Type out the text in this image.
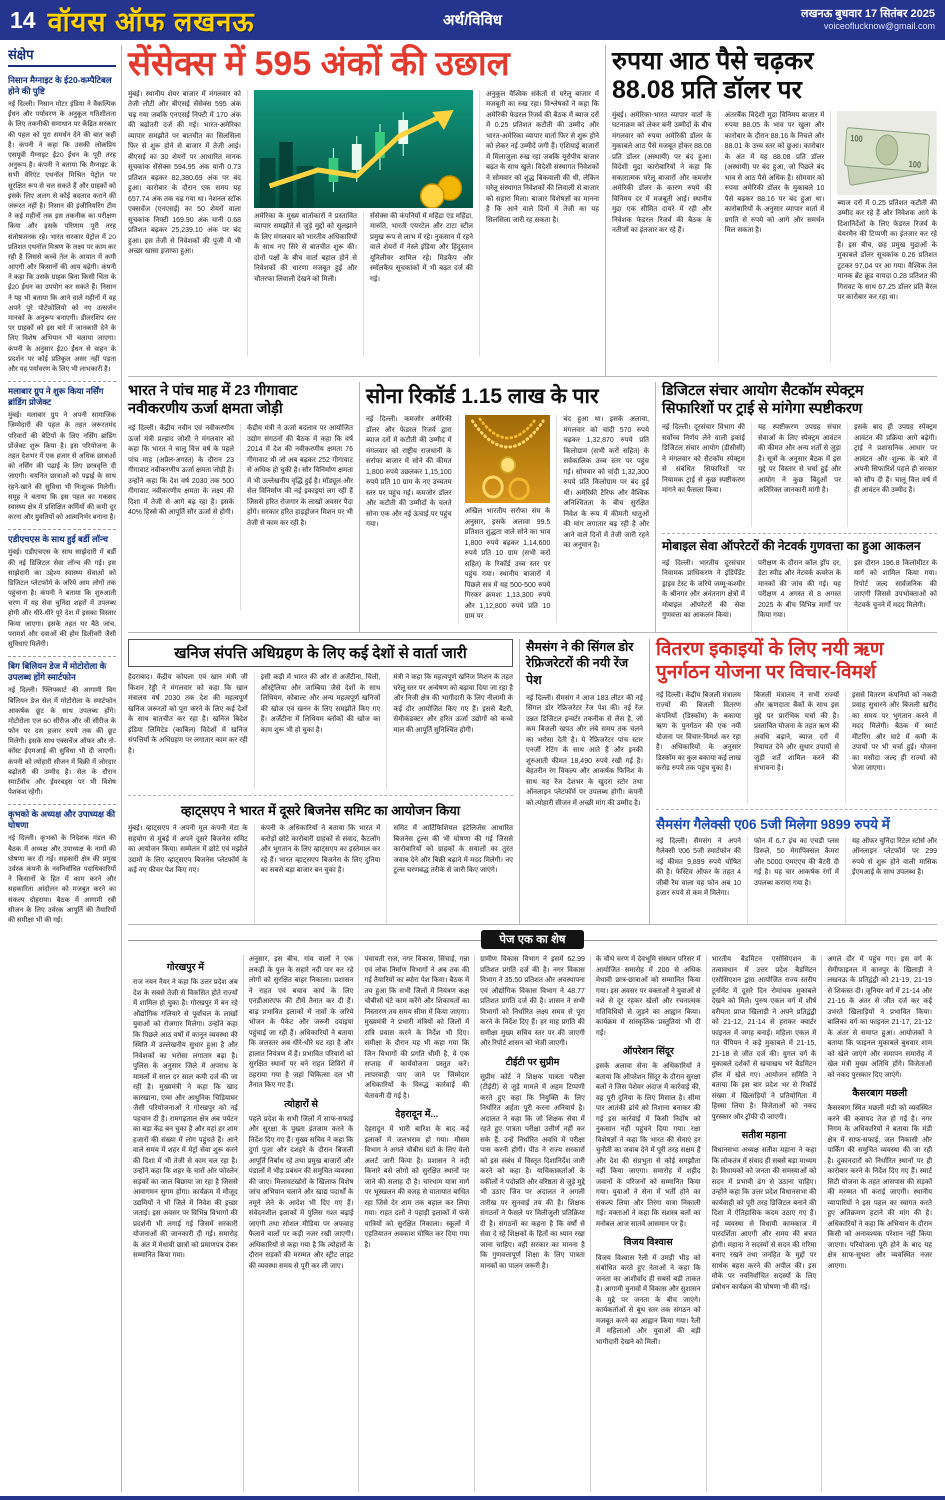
14 वॉयस ऑफ लखनऊ	अर्थ/विविध	लखनऊ बुधवार 17 सितंबर 2025
voiceoflucknow@gmail.com
संक्षेप
निसान मैग्नाइट के ई20-कम्पैटिबल होने की पुष्टि

नई दिल्ली। निसान मोटर इंडिया ने वैकल्पिक ईंधन और पर्यावरण के अनुकूल गतिशीलता के लिए तकनीकी समाधान पर केंद्रित सरकार की पहल को पूरा समर्थन देने की बात कही है। कंपनी ने कहा कि उसकी लोकप्रिय एसयूवी मैग्नाइट ई20 ईंधन के पूरी तरह अनुरूप है। कंपनी ने बताया कि मैग्नाइट के सभी वेरिएंट एथनॉल मिश्रित पेट्रोल पर सुरक्षित रूप से चल सकते हैं और ग्राहकों को इसके लिए अलग से कोई बदलाव कराने की जरूरत नहीं है। निसान की इंजीनियरिंग टीम ने कई महीनों तक इस तकनीक का परीक्षण किया और इसके परिणाम पूरी तरह संतोषजनक रहे। भारत सरकार पेट्रोल में 20 प्रतिशत एथनॉल मिश्रण के लक्ष्य पर काम कर रही है जिससे कच्चे तेल के आयात में कमी आएगी और किसानों की आय बढ़ेगी। कंपनी ने कहा कि उसके ग्राहक बिना किसी चिंता के ई20 ईंधन का उपयोग कर सकते हैं। निसान ने यह भी बताया कि आने वाले महीनों में वह अपने पूरे पोर्टफोलियो को नए उत्सर्जन मानकों के अनुरूप बनाएगी। डीलरशिप स्तर पर ग्राहकों को इस बारे में जानकारी देने के लिए विशेष अभियान भी चलाया जाएगा। कंपनी के अनुसार ई20 ईंधन से वाहन के प्रदर्शन पर कोई प्रतिकूल असर नहीं पड़ता और यह पर्यावरण के लिए भी लाभकारी है।

मलाबार ग्रुप ने शुरू किया नर्सिंग ब्रांडिंग प्रोजेक्ट

मुंबई। मलाबार ग्रुप ने अपनी सामाजिक जिम्मेदारी की पहल के तहत जरूरतमंद परिवारों की बेटियों के लिए नर्सिंग ब्रांडिंग प्रोजेक्ट शुरू किया है। इस परियोजना के तहत देशभर में एक हजार से अधिक छात्राओं को नर्सिंग की पढ़ाई के लिए छात्रवृत्ति दी जाएगी। चयनित छात्राओं को पढ़ाई के साथ रहने-खाने की सुविधा भी निःशुल्क मिलेगी। समूह ने बताया कि इस पहल का मकसद स्वास्थ्य क्षेत्र में प्रशिक्षित कर्मियों की कमी दूर करना और युवतियों को आत्मनिर्भर बनाना है।

एडीएचएस के साथ हुई बर्डी लॉन्च

मुंबई। एडीएचएस के साथ साझेदारी में बर्डी की नई डिजिटल सेवा लॉन्च की गई। इस साझेदारी का उद्देश्य स्वास्थ्य सेवाओं को डिजिटल प्लेटफॉर्म के जरिये आम लोगों तक पहुंचाना है। कंपनी ने बताया कि शुरुआती चरण में यह सेवा चुनिंदा शहरों में उपलब्ध होगी और धीरे-धीरे पूरे देश में इसका विस्तार किया जाएगा। इसके तहत घर बैठे जांच, परामर्श और दवाओं की होम डिलीवरी जैसी सुविधाएं मिलेंगी।

बिग बिलियन डेज में मोटोरोला के उपलब्ध होंगे स्मार्टफोन

नई दिल्ली। फ्लिपकार्ट की आगामी बिग बिलियन डेज सेल में मोटोरोला के स्मार्टफोन आकर्षक छूट के साथ उपलब्ध होंगे। मोटोरोला एज 60 सीरीज और जी सीरीज के फोन पर दस हजार रुपये तक की छूट मिलेगी। इसके साथ एक्सचेंज ऑफर और नो-कॉस्ट ईएमआई की सुविधा भी दी जाएगी। कंपनी को त्योहारी सीजन में बिक्री में जोरदार बढ़ोतरी की उम्मीद है। सेल के दौरान स्मार्टवॉच और ईयरबड्स पर भी विशेष पेशकश रहेगी।

कृभको के अध्यक्ष और उपाध्यक्ष की घोषणा

नई दिल्ली। कृभको के निदेशक मंडल की बैठक में अध्यक्ष और उपाध्यक्ष के नामों की घोषणा कर दी गई। सहकारी क्षेत्र की प्रमुख उर्वरक कंपनी के नवनिर्वाचित पदाधिकारियों ने किसानों के हित में काम करने और सहकारिता आंदोलन को मजबूत करने का संकल्प दोहराया। बैठक में आगामी रबी सीजन के लिए उर्वरक आपूर्ति की तैयारियों की समीक्षा भी की गई।

सेंसेक्स में 595 अंकों की उछाल
मुंबई। स्थानीय शेयर बाजार में मंगलवार को तेजी लौटी और बीएसई सेंसेक्स 595 अंक चढ़ गया जबकि एनएसई निफ्टी में 170 अंक की बढ़ोतरी दर्ज की गई। भारत-अमेरिका व्यापार समझौते पर बातचीत का सिलसिला फिर से शुरू होने से बाजार में तेजी आई। बीएसई का 30 शेयरों पर आधारित मानक सूचकांक सेंसेक्स 594.95 अंक यानी 0.73 प्रतिशत बढ़कर 82,380.69 अंक पर बंद हुआ। कारोबार के दौरान एक समय यह 657.74 अंक तक चढ़ गया था। नेशनल स्टॉक एक्सचेंज (एनएसई) का 50 शेयरों वाला सूचकांक निफ्टी 169.90 अंक यानी 0.68 प्रतिशत बढ़कर 25,239.10 अंक पर बंद हुआ। इस तेजी से निवेशकों की पूंजी में भी अच्छा खासा इजाफा हुआ।
अमेरिका के मुख्य वार्ताकारों ने प्रस्तावित व्यापार समझौते से जुड़े मुद्दों को सुलझाने के लिए मंगलवार को भारतीय अधिकारियों के साथ नए सिरे से बातचीत शुरू की। दोनों पक्षों के बीच वार्ता बहाल होने से निवेशकों की धारणा मजबूत हुई और चौतरफा लिवाली देखने को मिली।
सेंसेक्स की कंपनियों में महिंद्रा एंड महिंद्रा, मारुति, भारती एयरटेल और टाटा स्टील प्रमुख रूप से लाभ में रहे। नुकसान में रहने वाले शेयरों में नेस्ले इंडिया और हिंदुस्तान यूनिलीवर शामिल रहे। मिडकैप और स्मॉलकैप सूचकांकों में भी बढ़त दर्ज की गई।
अनुकूल वैश्विक संकेतों से घरेलू बाजार में मजबूती का रुख रहा। विश्लेषकों ने कहा कि अमेरिकी फेडरल रिजर्व की बैठक में ब्याज दरों में 0.25 प्रतिशत कटौती की उम्मीद और भारत-अमेरिका व्यापार वार्ता फिर से शुरू होने को लेकर नई उम्मीदें जगी हैं। एशियाई बाजारों में मिलाजुला रुख रहा जबकि यूरोपीय बाजार बढ़त के साथ खुले। विदेशी संस्थागत निवेशकों ने सोमवार को शुद्ध बिकवाली की थी, लेकिन घरेलू संस्थागत निवेशकों की लिवाली से बाजार को सहारा मिला। बाजार विशेषज्ञों का मानना है कि आने वाले दिनों में तेजी का यह सिलसिला जारी रह सकता है।
रुपया आठ पैसे चढ़कर
88.08 प्रति डॉलर पर
मुंबई। अमेरिका-भारत व्यापार वार्ता के घटनाक्रम को लेकर बनी उम्मीदों के बीच मंगलवार को रुपया अमेरिकी डॉलर के मुकाबले आठ पैसे मजबूत होकर 88.08 प्रति डॉलर (अस्थायी) पर बंद हुआ। विदेशी मुद्रा कारोबारियों ने कहा कि सकारात्मक घरेलू बाजारों और कमजोर अमेरिकी डॉलर के कारण रुपये की विनिमय दर में मजबूती आई। स्थानीय मुद्रा एक सीमित दायरे में रही और निवेशक फेडरल रिजर्व की बैठक के नतीजों का इंतजार कर रहे हैं।
अंतरबैंक विदेशी मुद्रा विनिमय बाजार में रुपया 88.05 के भाव पर खुला और कारोबार के दौरान 88.16 के निचले और 88.01 के उच्च स्तर को छुआ। कारोबार के अंत में यह 88.08 प्रति डॉलर (अस्थायी) पर बंद हुआ, जो पिछले बंद भाव से आठ पैसे अधिक है। सोमवार को रुपया अमेरिकी डॉलर के मुकाबले 10 पैसे बढ़कर 88.16 पर बंद हुआ था। कारोबारियों के अनुसार व्यापार वार्ता में प्रगति से रुपये को आगे और समर्थन मिल सकता है।
100
100
ब्याज दरों में 0.25 प्रतिशत कटौती की उम्मीद कर रहे हैं और निवेशक आगे के दिशानिर्देशों के लिए फेडरल रिजर्व के चेयरमैन की टिप्पणी का इंतजार कर रहे हैं। इस बीच, छह प्रमुख मुद्राओं के मुकाबले डॉलर सूचकांक 0.26 प्रतिशत टूटकर 97.04 पर आ गया। वैश्विक तेल मानक ब्रेंट क्रूड वायदा 0.28 प्रतिशत की गिरावट के साथ 67.25 डॉलर प्रति बैरल पर कारोबार कर रहा था।
भारत ने पांच माह में 23 गीगावाट
नवीकरणीय ऊर्जा क्षमता जोड़ी
नई दिल्ली। केंद्रीय नवीन एवं नवीकरणीय ऊर्जा मंत्री प्रल्हाद जोशी ने मंगलवार को कहा कि भारत ने चालू वित्त वर्ष के पहले पांच माह (अप्रैल-अगस्त) के दौरान 23 गीगावाट नवीकरणीय ऊर्जा क्षमता जोड़ी है। उन्होंने कहा कि देश वर्ष 2030 तक 500 गीगावाट नवीकरणीय क्षमता के लक्ष्य की दिशा में तेजी से आगे बढ़ रहा है। इसके 40% हिस्से की आपूर्ति सौर ऊर्जा से होगी।
केंद्रीय मंत्री ने ऊर्जा बदलाव पर आयोजित उद्योग संगठनों की बैठक में कहा कि वर्ष 2014 में देश की नवीकरणीय क्षमता 76 गीगावाट थी जो अब बढ़कर 252 गीगावाट से अधिक हो चुकी है। सौर विनिर्माण क्षमता में भी उल्लेखनीय वृद्धि हुई है। मॉड्यूल और सेल विनिर्माण की नई इकाइयां लग रही हैं जिससे हरित रोजगार के लाखों अवसर पैदा होंगे। सरकार हरित हाइड्रोजन मिशन पर भी तेजी से काम कर रही है।
सोना रिकॉर्ड 1.15 लाख के पार
नई दिल्ली। कमजोर अमेरिकी डॉलर और फेडरल रिजर्व द्वारा ब्याज दरों में कटौती की उम्मीद में मंगलवार को राष्ट्रीय राजधानी के सर्राफा बाजार में सोने की कीमत 1,800 रुपये उछलकर 1,15,100 रुपये प्रति 10 ग्राम के नए उच्चतम स्तर पर पहुंच गई। कमजोर डॉलर और कटौती की उम्मीदों के चलते सोना एक और नई ऊंचाई पर पहुंच गया।
अखिल भारतीय सर्राफा संघ के अनुसार, इसके अलावा 99.5 प्रतिशत शुद्धता वाले सोने का भाव 1,800 रुपये बढ़कर 1,14,600 रुपये प्रति 10 ग्राम (सभी करों सहित) के रिकॉर्ड उच्च स्तर पर पहुंच गया। स्थानीय बाजारों में पिछले सत्र में यह 500-500 रुपये गिरकर क्रमशः 1,13,300 रुपये और 1,12,800 रुपये प्रति 10 ग्राम पर
बंद हुआ था। इसके अलावा, मंगलवार को चांदी 570 रुपये चढ़कर 1,32,870 रुपये प्रति किलोग्राम (सभी करों सहित) के सर्वकालिक उच्च स्तर पर पहुंच गई। सोमवार को चांदी 1,32,300 रुपये प्रति किलोग्राम पर बंद हुई थी। अमेरिकी टैरिफ और वैश्विक अनिश्चितता के बीच सुरक्षित निवेश के रूप में कीमती धातुओं की मांग लगातार बढ़ रही है और आने वाले दिनों में तेजी जारी रहने का अनुमान है।
डिजिटल संचार आयोग सैटकॉम स्पेक्ट्रम
सिफारिशों पर ट्राई से मांगेगा स्पष्टीकरण
नई दिल्ली। दूरसंचार विभाग की सर्वोच्च निर्णय लेने वाली इकाई डिजिटल संचार आयोग (डीसीसी) ने मंगलवार को सैटकॉम स्पेक्ट्रम से संबंधित सिफारिशों पर नियामक ट्राई से कुछ स्पष्टीकरण मांगने का फैसला किया।
यह स्पष्टीकरण उपग्रह संचार सेवाओं के लिए स्पेक्ट्रम आवंटन की कीमत और अन्य शर्तों से जुड़ा है। सूत्रों के अनुसार बैठक में इस मुद्दे पर विस्तार से चर्चा हुई और आयोग ने कुछ बिंदुओं पर अतिरिक्त जानकारी मांगी है।
इसके बाद ही उपग्रह स्पेक्ट्रम आवंटन की प्रक्रिया आगे बढ़ेगी। ट्राई ने प्रशासनिक आधार पर आवंटन और शुल्क के बारे में अपनी सिफारिशें पहले ही सरकार को सौंप दी हैं। चालू वित्त वर्ष में ही आवंटन की उम्मीद है।
मोबाइल सेवा ऑपरेटरों की नेटवर्क गुणवत्ता का हुआ आकलन
नई दिल्ली। भारतीय दूरसंचार नियामक प्राधिकरण ने इंडिपेंडेंट ड्राइव टेस्ट के जरिये जम्मू-कश्मीर के श्रीनगर और अनंतनाग क्षेत्रों में मोबाइल ऑपरेटरों की सेवा गुणवत्ता का आकलन किया।
परीक्षण के दौरान कॉल ड्रॉप दर, डेटा स्पीड और नेटवर्क कवरेज के मानकों की जांच की गई। यह परीक्षण 4 अगस्त से 8 अगस्त 2025 के बीच विभिन्न मार्गों पर किया गया।
इस दौरान 196.8 किलोमीटर के मार्ग को शामिल किया गया। रिपोर्ट जल्द सार्वजनिक की जाएगी जिससे उपभोक्ताओं को नेटवर्क चुनने में मदद मिलेगी।
खनिज संपत्ति अधिग्रहण के लिए कई देशों से वार्ता जारी
हैदराबाद। केंद्रीय कोयला एवं खान मंत्री जी किशन रेड्डी ने मंगलवार को कहा कि खान मंत्रालय वर्ष 2030 तक देश की महत्वपूर्ण खनिज जरूरतों को पूरा करने के लिए कई देशों के साथ बातचीत कर रहा है। खनिज बिदेश इंडिया लिमिटेड (काबिल) विदेशों में खनिज संपत्तियों के अधिग्रहण पर लगातार काम कर रही है।
इसी कड़ी में भारत की ओर से अर्जेंटीना, चिली, ऑस्ट्रेलिया और जाम्बिया जैसे देशों के साथ लिथियम, कोबाल्ट और अन्य महत्वपूर्ण खनिजों की खोज एवं खनन के लिए समझौते किए गए हैं। अर्जेंटीना में लिथियम ब्लॉकों की खोज का काम शुरू भी हो चुका है।
मंत्री ने कहा कि महत्वपूर्ण खनिज मिशन के तहत घरेलू स्तर पर अन्वेषण को बढ़ावा दिया जा रहा है और निजी क्षेत्र की भागीदारी के लिए नीलामी के कई दौर आयोजित किए गए हैं। इससे बैटरी, सेमीकंडक्टर और हरित ऊर्जा उद्योगों को कच्चे माल की आपूर्ति सुनिश्चित होगी।
व्हाट्सएप ने भारत में दूसरे बिजनेस समिट का आयोजन किया
मुंबई। व्हाट्सएप ने अपनी मूल कंपनी मेटा के सहयोग से मुंबई में अपने दूसरे बिजनेस समिट का आयोजन किया। सम्मेलन में छोटे एवं मझोले उद्यमों के लिए व्हाट्सएप बिजनेस प्लेटफॉर्म के कई नए फीचर पेश किए गए।
कंपनी के अधिकारियों ने बताया कि भारत में करोड़ों छोटे कारोबारी ग्राहकों से संवाद, कैटलॉग और भुगतान के लिए व्हाट्सएप का इस्तेमाल कर रहे हैं। भारत व्हाट्सएप बिजनेस के लिए दुनिया का सबसे बड़ा बाजार बन चुका है।
समिट में आर्टिफिशियल इंटेलिजेंस आधारित बिजनेस टूल्स की भी घोषणा की गई जिससे कारोबारियों को ग्राहकों के सवालों का तुरंत जवाब देने और बिक्री बढ़ाने में मदद मिलेगी। नए टूल्स चरणबद्ध तरीके से जारी किए जाएंगे।
सैमसंग ने की सिंगल डोर रेफ्रिजरेटरों की नयी रेंज पेश

नई दिल्ली। सैमसंग ने आज 183 लीटर की नई सिंगल डोर रेफ्रिजरेटर रेंज पेश की। नई रेंज उन्नत डिजिटल इन्वर्टर तकनीक से लैस है, जो कम बिजली खपत और लंबे समय तक चलने का भरोसा देती है। ये रेफ्रिजरेटर पांच स्टार एनर्जी रेटिंग के साथ आते हैं और इनकी शुरुआती कीमत 18,490 रुपये रखी गई है। बेहतरीन रंग विकल्प और आकर्षक फिनिश के साथ यह रेंज देशभर के खुदरा स्टोर तथा ऑनलाइन प्लेटफॉर्म पर उपलब्ध होगी। कंपनी को त्योहारी सीजन में अच्छी मांग की उम्मीद है।

वितरण इकाइयों के लिए नयी ऋण
पुनर्गठन योजना पर विचार-विमर्श
नई दिल्ली। केंद्रीय बिजली मंत्रालय राज्यों की बिजली वितरण कंपनियों (डिस्कॉम) के बकाया ऋण के पुनर्गठन की एक नयी योजना पर विचार-विमर्श कर रहा है। अधिकारियों के अनुसार डिस्कॉम का कुल बकाया कई लाख करोड़ रुपये तक पहुंच चुका है।
बिजली मंत्रालय ने सभी राज्यों और ऋणदाता बैंकों के साथ इस मुद्दे पर प्रारंभिक चर्चा की है। प्रस्तावित योजना के तहत ऋण की अवधि बढ़ाने, ब्याज दरों में रियायत देने और सुधार उपायों से जुड़ी शर्तें शामिल करने की संभावना है।
इससे वितरण कंपनियों को नकदी प्रवाह सुधारने और बिजली खरीद का समय पर भुगतान करने में मदद मिलेगी। बैठक में स्मार्ट मीटरिंग और घाटे में कमी के उपायों पर भी चर्चा हुई। योजना का मसौदा जल्द ही राज्यों को भेजा जाएगा।
सैमसंग गैलेक्सी ए06 5जी मिलेगा 9899 रुपये में
नई दिल्ली। सैमसंग ने अपने गैलेक्सी ए06 5जी स्मार्टफोन की नई कीमत 9,899 रुपये घोषित की है। फेस्टिव ऑफर के तहत 4 जीबी रैम वाला यह फोन अब 10 हजार रुपये से कम में मिलेगा।
फोन में 6.7 इंच का एचडी प्लस डिस्प्ले, 50 मेगापिक्सल कैमरा और 5000 एमएएच की बैटरी दी गई है। यह चार आकर्षक रंगों में उपलब्ध कराया गया है।
यह ऑफर चुनिंदा रिटेल स्टोर्स और ऑनलाइन प्लेटफॉर्म पर 299 रुपये से शुरू होने वाली मासिक ईएमआई के साथ उपलब्ध है।
पेज एक का शेष
गोरखपुर में

राज नयन नैयर ने कहा कि उत्तर प्रदेश अब देश के सबसे तेजी से विकसित होते राज्यों में शामिल हो चुका है। गोरखपुर में बन रहे औद्योगिक गलियारे से पूर्वांचल के लाखों युवाओं को रोजगार मिलेगा। उन्होंने कहा कि पिछले आठ वर्षों में कानून व्यवस्था की स्थिति में उल्लेखनीय सुधार हुआ है और निवेशकों का भरोसा लगातार बढ़ा है। पुलिस के अनुसार जिले में अपराध के मामलों में साल दर साल कमी दर्ज की जा रही है। मुख्यमंत्री ने कहा कि खाद कारखाना, एम्स और आधुनिक चिड़ियाघर जैसी परियोजनाओं ने गोरखपुर को नई पहचान दी है। रामगढ़ताल क्षेत्र अब पर्यटन का बड़ा केंद्र बन चुका है और यहां हर शाम हजारों की संख्या में लोग पहुंचते हैं। आने वाले समय में शहर में मेट्रो सेवा शुरू करने की दिशा में भी तेजी से काम चल रहा है। उन्होंने कहा कि शहर के चारों ओर फोरलेन सड़कों का जाल बिछाया जा रहा है जिससे आवागमन सुगम होगा। कार्यक्रम में मौजूद उद्यमियों ने भी जिले में निवेश की इच्छा जताई। इस अवसर पर विभिन्न विभागों की प्रदर्शनी भी लगाई गई जिसमें सरकारी योजनाओं की जानकारी दी गई। समारोह के अंत में मेधावी छात्रों को प्रमाणपत्र देकर सम्मानित किया गया।

अनुसार, इस बीच, गांव वालों ने एक लकड़ी के पुल के सहारे नदी पार कर रहे लोगों को सुरक्षित बाहर निकाला। प्रशासन ने राहत एवं बचाव कार्य के लिए एनडीआरएफ की टीमें तैनात कर दी हैं। बाढ़ प्रभावित इलाकों में नावों के जरिये भोजन के पैकेट और जरूरी दवाइयां पहुंचाई जा रही हैं। अधिकारियों ने बताया कि जलस्तर अब धीरे-धीरे घट रहा है और हालात नियंत्रण में हैं। प्रभावित परिवारों को सुरक्षित स्थानों पर बने राहत शिविरों में ठहराया गया है जहां चिकित्सा दल भी तैनात किए गए हैं।

त्योहारों से

पहले प्रदेश के सभी जिलों में साफ-सफाई और सुरक्षा के पुख्ता इंतजाम करने के निर्देश दिए गए हैं। मुख्य सचिव ने कहा कि दुर्गा पूजा और दशहरे के दौरान बिजली आपूर्ति निर्बाध रहे तथा प्रमुख बाजारों और पंडालों में भीड़ प्रबंधन की समुचित व्यवस्था की जाए। मिलावटखोरों के खिलाफ विशेष जांच अभियान चलाने और खाद्य पदार्थों के नमूने लेने के आदेश भी दिए गए हैं। संवेदनशील इलाकों में पुलिस गश्त बढ़ाई जाएगी तथा सोशल मीडिया पर अफवाह फैलाने वालों पर कड़ी नजर रखी जाएगी। अधिकारियों से कहा गया है कि त्योहारों के दौरान सड़कों की मरम्मत और स्ट्रीट लाइट की व्यवस्था समय से पूरी कर ली जाए।

पंचायती राज, नगर विकास, सिंचाई, गन्ना एवं लोक निर्माण विभागों ने अब तक की गई तैयारियों का ब्योरा पेश किया। बैठक में तय हुआ कि सभी जिलों में नियंत्रण कक्ष चौबीसों घंटे काम करेंगे और शिकायतों का निस्तारण तय समय सीमा में किया जाएगा। मुख्यमंत्री ने प्रभारी मंत्रियों को जिलों में रात्रि प्रवास करने के निर्देश भी दिए। समीक्षा के दौरान यह भी कहा गया कि जिन विभागों की प्रगति धीमी है, वे एक सप्ताह में कार्ययोजना प्रस्तुत करें। लापरवाही पाए जाने पर जिम्मेदार अधिकारियों के विरुद्ध कार्रवाई की चेतावनी दी गई है।

देहरादून में...

देहरादून में भारी बारिश के बाद कई इलाकों में जलभराव हो गया। मौसम विभाग ने अगले चौबीस घंटों के लिए येलो अलर्ट जारी किया है। प्रशासन ने नदी किनारे बसे लोगों को सुरक्षित स्थानों पर जाने की सलाह दी है। चारधाम यात्रा मार्ग पर भूस्खलन की वजह से यातायात बाधित रहा जिसे देर शाम तक बहाल कर लिया गया। राहत दलों ने पहाड़ी इलाकों में फंसे यात्रियों को सुरक्षित निकाला। स्कूलों में एहतियातन अवकाश घोषित कर दिया गया है।

ग्रामीण विकास विभाग ने इसमें 62.99 प्रतिशत प्रगति दर्ज की है। नगर विकास विभाग ने 35.50 प्रतिशत और अवस्थापना एवं औद्योगिक विकास विभाग ने 48.77 प्रतिशत प्रगति दर्ज की है। शासन ने सभी विभागों को निर्धारित लक्ष्य समय से पूरा करने के निर्देश दिए हैं। हर माह प्रगति की समीक्षा मुख्य सचिव स्तर पर की जाएगी और रिपोर्ट शासन को भेजी जाएगी।

टीईटी पर सुप्रीम

सुप्रीम कोर्ट ने शिक्षक पात्रता परीक्षा (टीईटी) से जुड़े मामले में अहम टिप्पणी करते हुए कहा कि नियुक्ति के लिए निर्धारित अर्हता पूरी करना अनिवार्य है। अदालत ने कहा कि जो शिक्षक सेवा में रहते हुए पात्रता परीक्षा उत्तीर्ण नहीं कर सके हैं, उन्हें निर्धारित अवधि में परीक्षा पास करनी होगी। पीठ ने राज्य सरकारों को इस संबंध में विस्तृत दिशानिर्देश जारी करने को कहा है। याचिकाकर्ताओं के वकीलों ने पदोन्नति और वरिष्ठता से जुड़े मुद्दे भी उठाए जिन पर अदालत ने अगली तारीख पर सुनवाई तय की है। शिक्षक संगठनों ने फैसले पर मिलीजुली प्रतिक्रिया दी है। संगठनों का कहना है कि वर्षों से सेवा दे रहे शिक्षकों के हितों का ध्यान रखा जाना चाहिए। वहीं सरकार का मानना है कि गुणवत्तापूर्ण शिक्षा के लिए पात्रता मानकों का पालन जरूरी है।

के चौथे चरण में देवभूमि संस्थान परिसर में आयोजित समारोह में 200 से अधिक मेधावी छात्र-छात्राओं को सम्मानित किया गया। इस अवसर पर वक्ताओं ने युवाओं से नशे से दूर रहकर खेलों और रचनात्मक गतिविधियों से जुड़ने का आह्वान किया। कार्यक्रम में सांस्कृतिक प्रस्तुतियां भी दी गईं।

ऑपरेशन सिंदूर

इसके अलावा सेना के अधिकारियों ने बताया कि ऑपरेशन सिंदूर के दौरान सुरक्षा बलों ने जिस पेशेवर अंदाज में कार्रवाई की, वह पूरी दुनिया के लिए मिसाल है। सीमा पार आतंकी ढांचे को निशाना बनाकर की गई इस कार्रवाई में किसी निर्दोष को नुकसान नहीं पहुंचने दिया गया। रक्षा विशेषज्ञों ने कहा कि भारत की सेनाएं हर चुनौती का जवाब देने में पूरी तरह सक्षम हैं और देश की संप्रभुता से कोई समझौता नहीं किया जाएगा। समारोह में शहीद जवानों के परिजनों को सम्मानित किया गया। युवाओं ने सेना में भर्ती होने का संकल्प लिया और तिरंगा यात्रा निकाली गई। वक्ताओं ने कहा कि सशस्त्र बलों का मनोबल आज सातवें आसमान पर है।

विजय विश्वास

विजय विश्वास रैली में उमड़ी भीड़ को संबोधित करते हुए नेताओं ने कहा कि जनता का आशीर्वाद ही सबसे बड़ी ताकत है। आगामी चुनावों में विकास और सुशासन के मुद्दे पर जनता के बीच जाएंगे। कार्यकर्ताओं से बूथ स्तर तक संगठन को मजबूत करने का आह्वान किया गया। रैली में महिलाओं और युवाओं की बड़ी भागीदारी देखने को मिली।

भारतीय बैडमिंटन एसोसिएशन के तत्वावधान में उत्तर प्रदेश बैडमिंटन एसोसिएशन द्वारा आयोजित राज्य स्तरीय टूर्नामेंट में दूसरे दिन रोमांचक मुकाबले देखने को मिले। पुरुष एकल वर्ग में शीर्ष वरीयता प्राप्त खिलाड़ी ने अपने प्रतिद्वंद्वी को 21-12, 21-14 से हराकर क्वार्टर फाइनल में जगह बनाई। महिला एकल में गत चैंपियन ने कड़े मुकाबले में 21-15, 21-18 से जीत दर्ज की। युगल वर्ग के मुकाबले दर्शकों से खचाखच भरे बैडमिंटन हॉल में खेले गए। आयोजन समिति ने बताया कि इस बार प्रदेश भर से रिकॉर्ड संख्या में खिलाड़ियों ने प्रतियोगिता में हिस्सा लिया है। विजेताओं को नकद पुरस्कार और ट्रॉफी दी जाएगी।

सतीश महाना

विधानसभा अध्यक्ष सतीश महाना ने कहा कि लोकतंत्र में संवाद ही सबसे बड़ा माध्यम है। विधायकों को जनता की समस्याओं को सदन में प्रभावी ढंग से उठाना चाहिए। उन्होंने कहा कि उत्तर प्रदेश विधानसभा की कार्यवाही को पूरी तरह डिजिटल बनाने की दिशा में ऐतिहासिक कदम उठाए गए हैं। नई व्यवस्था से विधायी कामकाज में पारदर्शिता आएगी और समय की बचत होगी। महाना ने सदस्यों से सदन की गरिमा बनाए रखने तथा जनहित के मुद्दों पर सार्थक बहस करने की अपील की। इस मौके पर नवनिर्वाचित सदस्यों के लिए प्रबोधन कार्यक्रम की घोषणा भी की गई।

अगले दौर में पहुंच गए। इस वर्ग के सेमीफाइनल में कानपुर के खिलाड़ी ने लखनऊ के प्रतिद्वंद्वी को 21-19, 21-19 से शिकस्त दी। जूनियर वर्ग में 21-14 और 21-16 के अंतर से जीत दर्ज कर कई उभरते खिलाड़ियों ने प्रभावित किया। बालिका वर्ग का फाइनल 21-17, 21-12 के अंतर से समाप्त हुआ। आयोजकों ने बताया कि फाइनल मुकाबले बुधवार शाम को खेले जाएंगे और समापन समारोह में खेल मंत्री मुख्य अतिथि होंगे। विजेताओं को नकद पुरस्कार दिए जाएंगे।

कैसरबाग मछली

कैसरबाग स्थित मछली मंडी को व्यवस्थित करने की कवायद तेज हो गई है। नगर निगम के अधिकारियों ने बताया कि मंडी क्षेत्र में साफ-सफाई, जल निकासी और पार्किंग की समुचित व्यवस्था की जा रही है। दुकानदारों को निर्धारित स्थानों पर ही कारोबार करने के निर्देश दिए गए हैं। स्मार्ट सिटी योजना के तहत आसपास की सड़कों की मरम्मत भी कराई जाएगी। स्थानीय व्यापारियों ने इस पहल का स्वागत करते हुए अतिक्रमण हटाने की मांग की है। अधिकारियों ने कहा कि अभियान के दौरान किसी को अनावश्यक परेशान नहीं किया जाएगा। परियोजना पूरी होने के बाद यह क्षेत्र साफ-सुथरा और व्यवस्थित नजर आएगा।
